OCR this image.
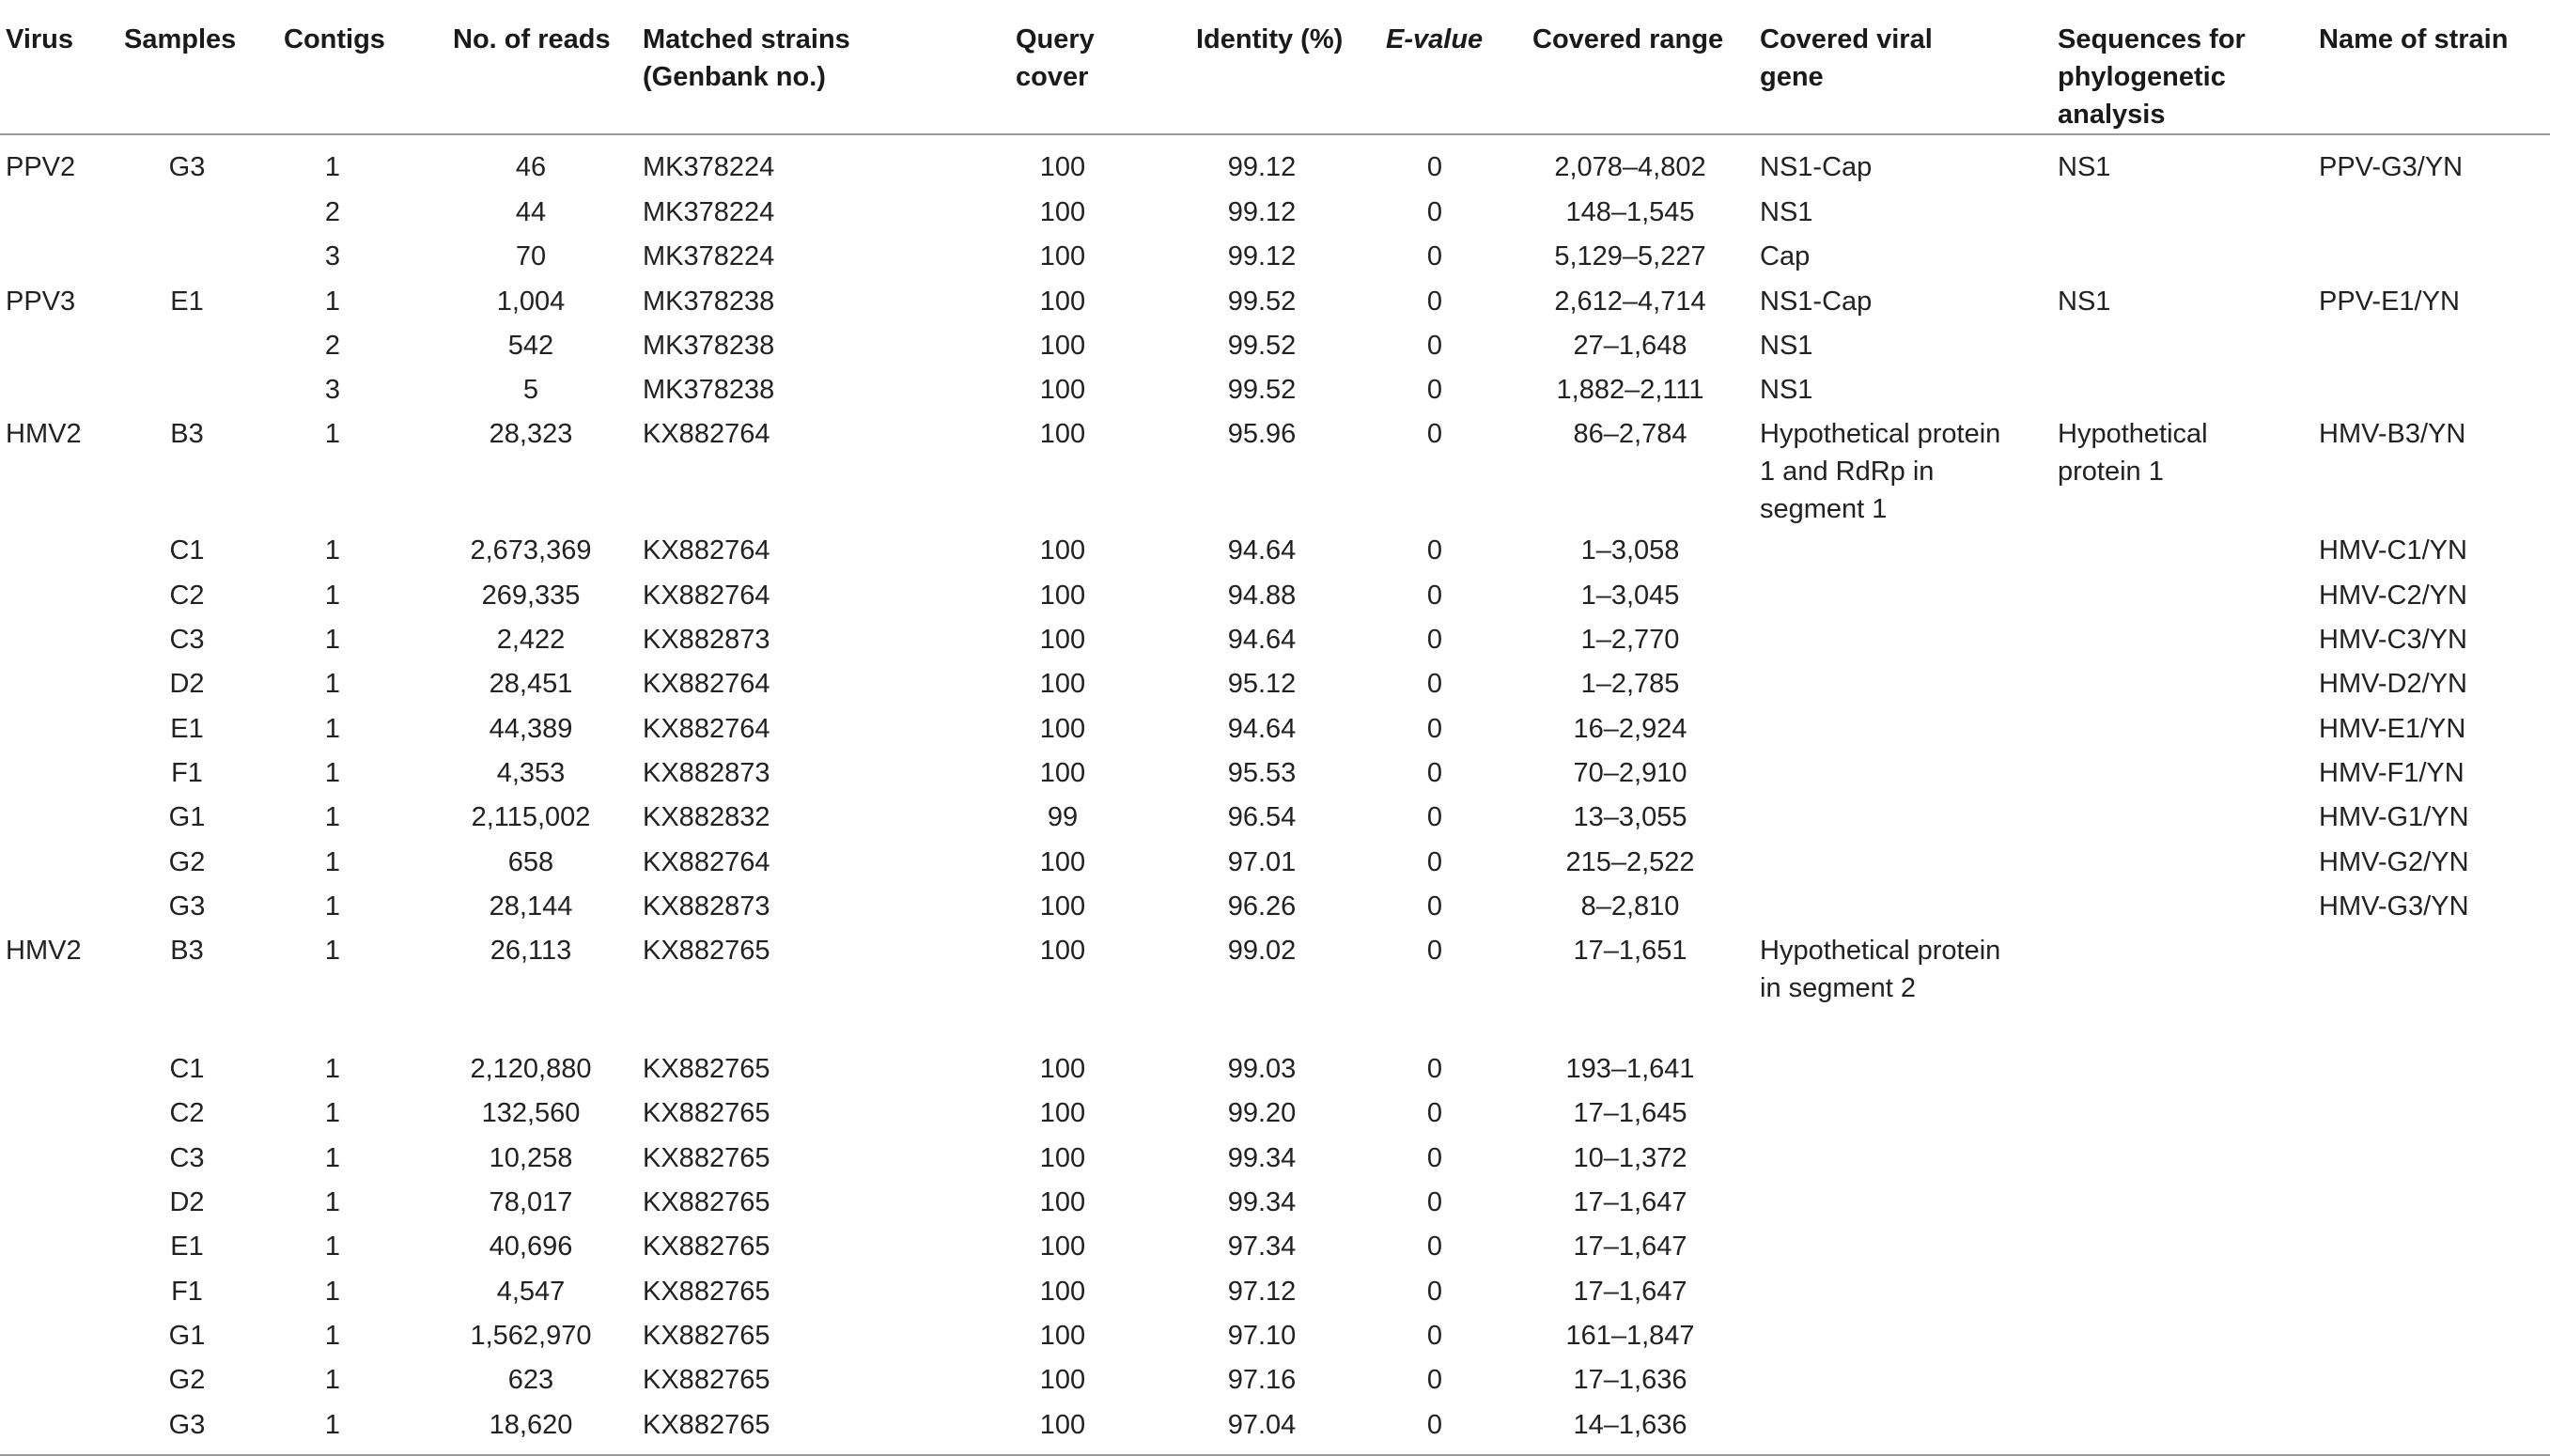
Virus	Samples	Contigs	No. of reads	Matched strains (Genbank no.)	Query cover	Identity (%)	E-value	Covered range	Covered viral gene	Sequences for phylogenetic analysis	Name of strain
PPV2	G3	1	46	MK378224	100	99.12	0	2,078–4,802	NS1-Cap	NS1	PPV-G3/YN
		2	44	MK378224	100	99.12	0	148–1,545	NS1		
		3	70	MK378224	100	99.12	0	5,129–5,227	Cap		
PPV3	E1	1	1,004	MK378238	100	99.52	0	2,612–4,714	NS1-Cap	NS1	PPV-E1/YN
		2	542	MK378238	100	99.52	0	27–1,648	NS1		
		3	5	MK378238	100	99.52	0	1,882–2,111	NS1		
HMV2	B3	1	28,323	KX882764	100	95.96	0	86–2,784	Hypothetical protein 1 and RdRp in segment 1	Hypothetical protein 1	HMV-B3/YN
	C1	1	2,673,369	KX882764	100	94.64	0	1–3,058			HMV-C1/YN
	C2	1	269,335	KX882764	100	94.88	0	1–3,045			HMV-C2/YN
	C3	1	2,422	KX882873	100	94.64	0	1–2,770			HMV-C3/YN
	D2	1	28,451	KX882764	100	95.12	0	1–2,785			HMV-D2/YN
	E1	1	44,389	KX882764	100	94.64	0	16–2,924			HMV-E1/YN
	F1	1	4,353	KX882873	100	95.53	0	70–2,910			HMV-F1/YN
	G1	1	2,115,002	KX882832	99	96.54	0	13–3,055			HMV-G1/YN
	G2	1	658	KX882764	100	97.01	0	215–2,522			HMV-G2/YN
	G3	1	28,144	KX882873	100	96.26	0	8–2,810			HMV-G3/YN
HMV2	B3	1	26,113	KX882765	100	99.02	0	17–1,651	Hypothetical protein in segment 2		
	C1	1	2,120,880	KX882765	100	99.03	0	193–1,641			
	C2	1	132,560	KX882765	100	99.20	0	17–1,645			
	C3	1	10,258	KX882765	100	99.34	0	10–1,372			
	D2	1	78,017	KX882765	100	99.34	0	17–1,647			
	E1	1	40,696	KX882765	100	97.34	0	17–1,647			
	F1	1	4,547	KX882765	100	97.12	0	17–1,647			
	G1	1	1,562,970	KX882765	100	97.10	0	161–1,847			
	G2	1	623	KX882765	100	97.16	0	17–1,636			
	G3	1	18,620	KX882765	100	97.04	0	14–1,636			
